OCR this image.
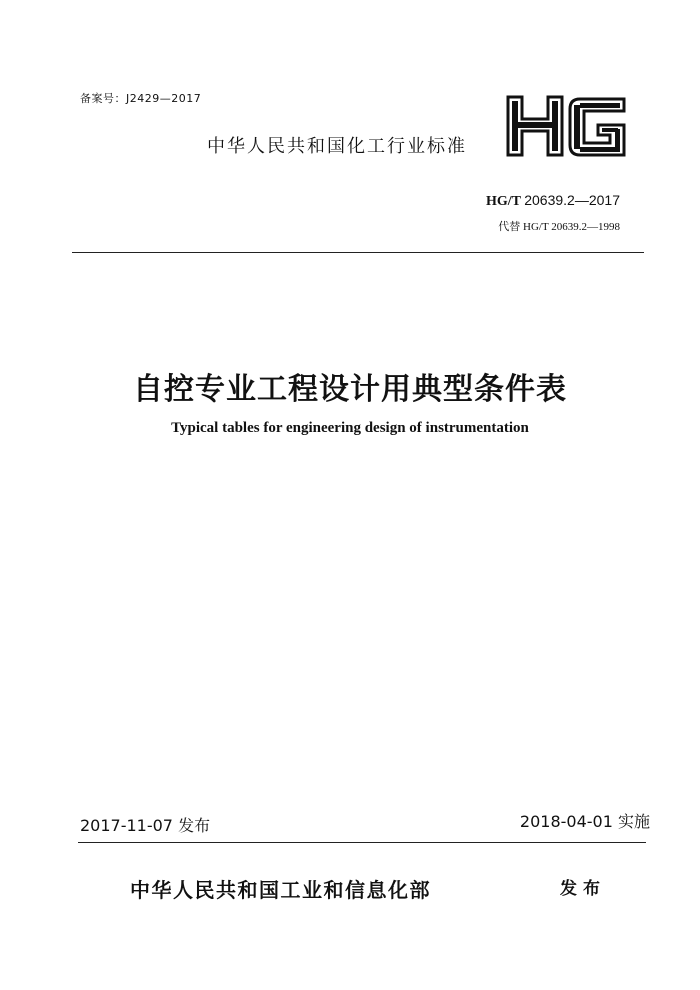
备案号：J2429—2017
中华人民共和国化工行业标准
HG/T 20639.2—2017
代替 HG/T 20639.2—1998
自控专业工程设计用典型条件表
Typical tables for engineering design of instrumentation
2017-11-07 发布	2018-04-01 实施
中华人民共和国工业和信息化部	发布
